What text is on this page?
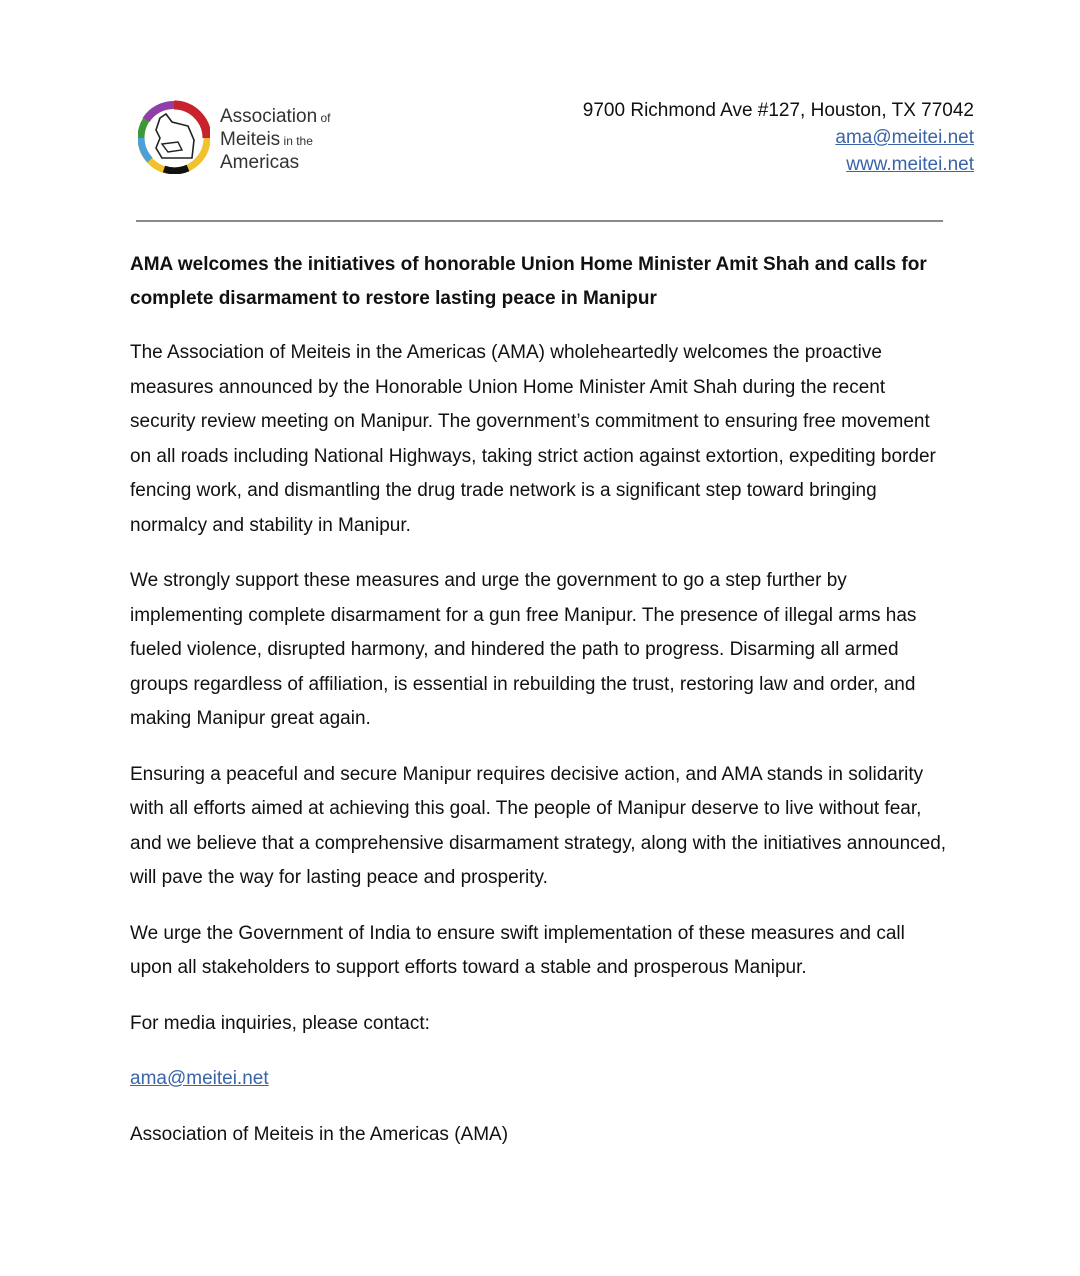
Association of
Meiteis in the
Americas
9700 Richmond Ave #127, Houston, TX 77042
ama@meitei.net
www.meitei.net
AMA welcomes the initiatives of honorable Union Home Minister Amit Shah and calls for complete disarmament to restore lasting peace in Manipur

The Association of Meiteis in the Americas (AMA) wholeheartedly welcomes the proactive measures announced by the Honorable Union Home Minister Amit Shah during the recent security review meeting on Manipur. The government’s commitment to ensuring free movement on all roads including National Highways, taking strict action against extortion, expediting border fencing work, and dismantling the drug trade network is a significant step toward bringing normalcy and stability in Manipur.

We strongly support these measures and urge the government to go a step further by implementing complete disarmament for a gun free Manipur. The presence of illegal arms has fueled violence, disrupted harmony, and hindered the path to progress. Disarming all armed groups regardless of affiliation, is essential in rebuilding the trust, restoring law and order, and making Manipur great again.

Ensuring a peaceful and secure Manipur requires decisive action, and AMA stands in solidarity with all efforts aimed at achieving this goal. The people of Manipur deserve to live without fear, and we believe that a comprehensive disarmament strategy, along with the initiatives announced, will pave the way for lasting peace and prosperity.

We urge the Government of India to ensure swift implementation of these measures and call upon all stakeholders to support efforts toward a stable and prosperous Manipur.

For media inquiries, please contact:

ama@meitei.net

Association of Meiteis in the Americas (AMA)
